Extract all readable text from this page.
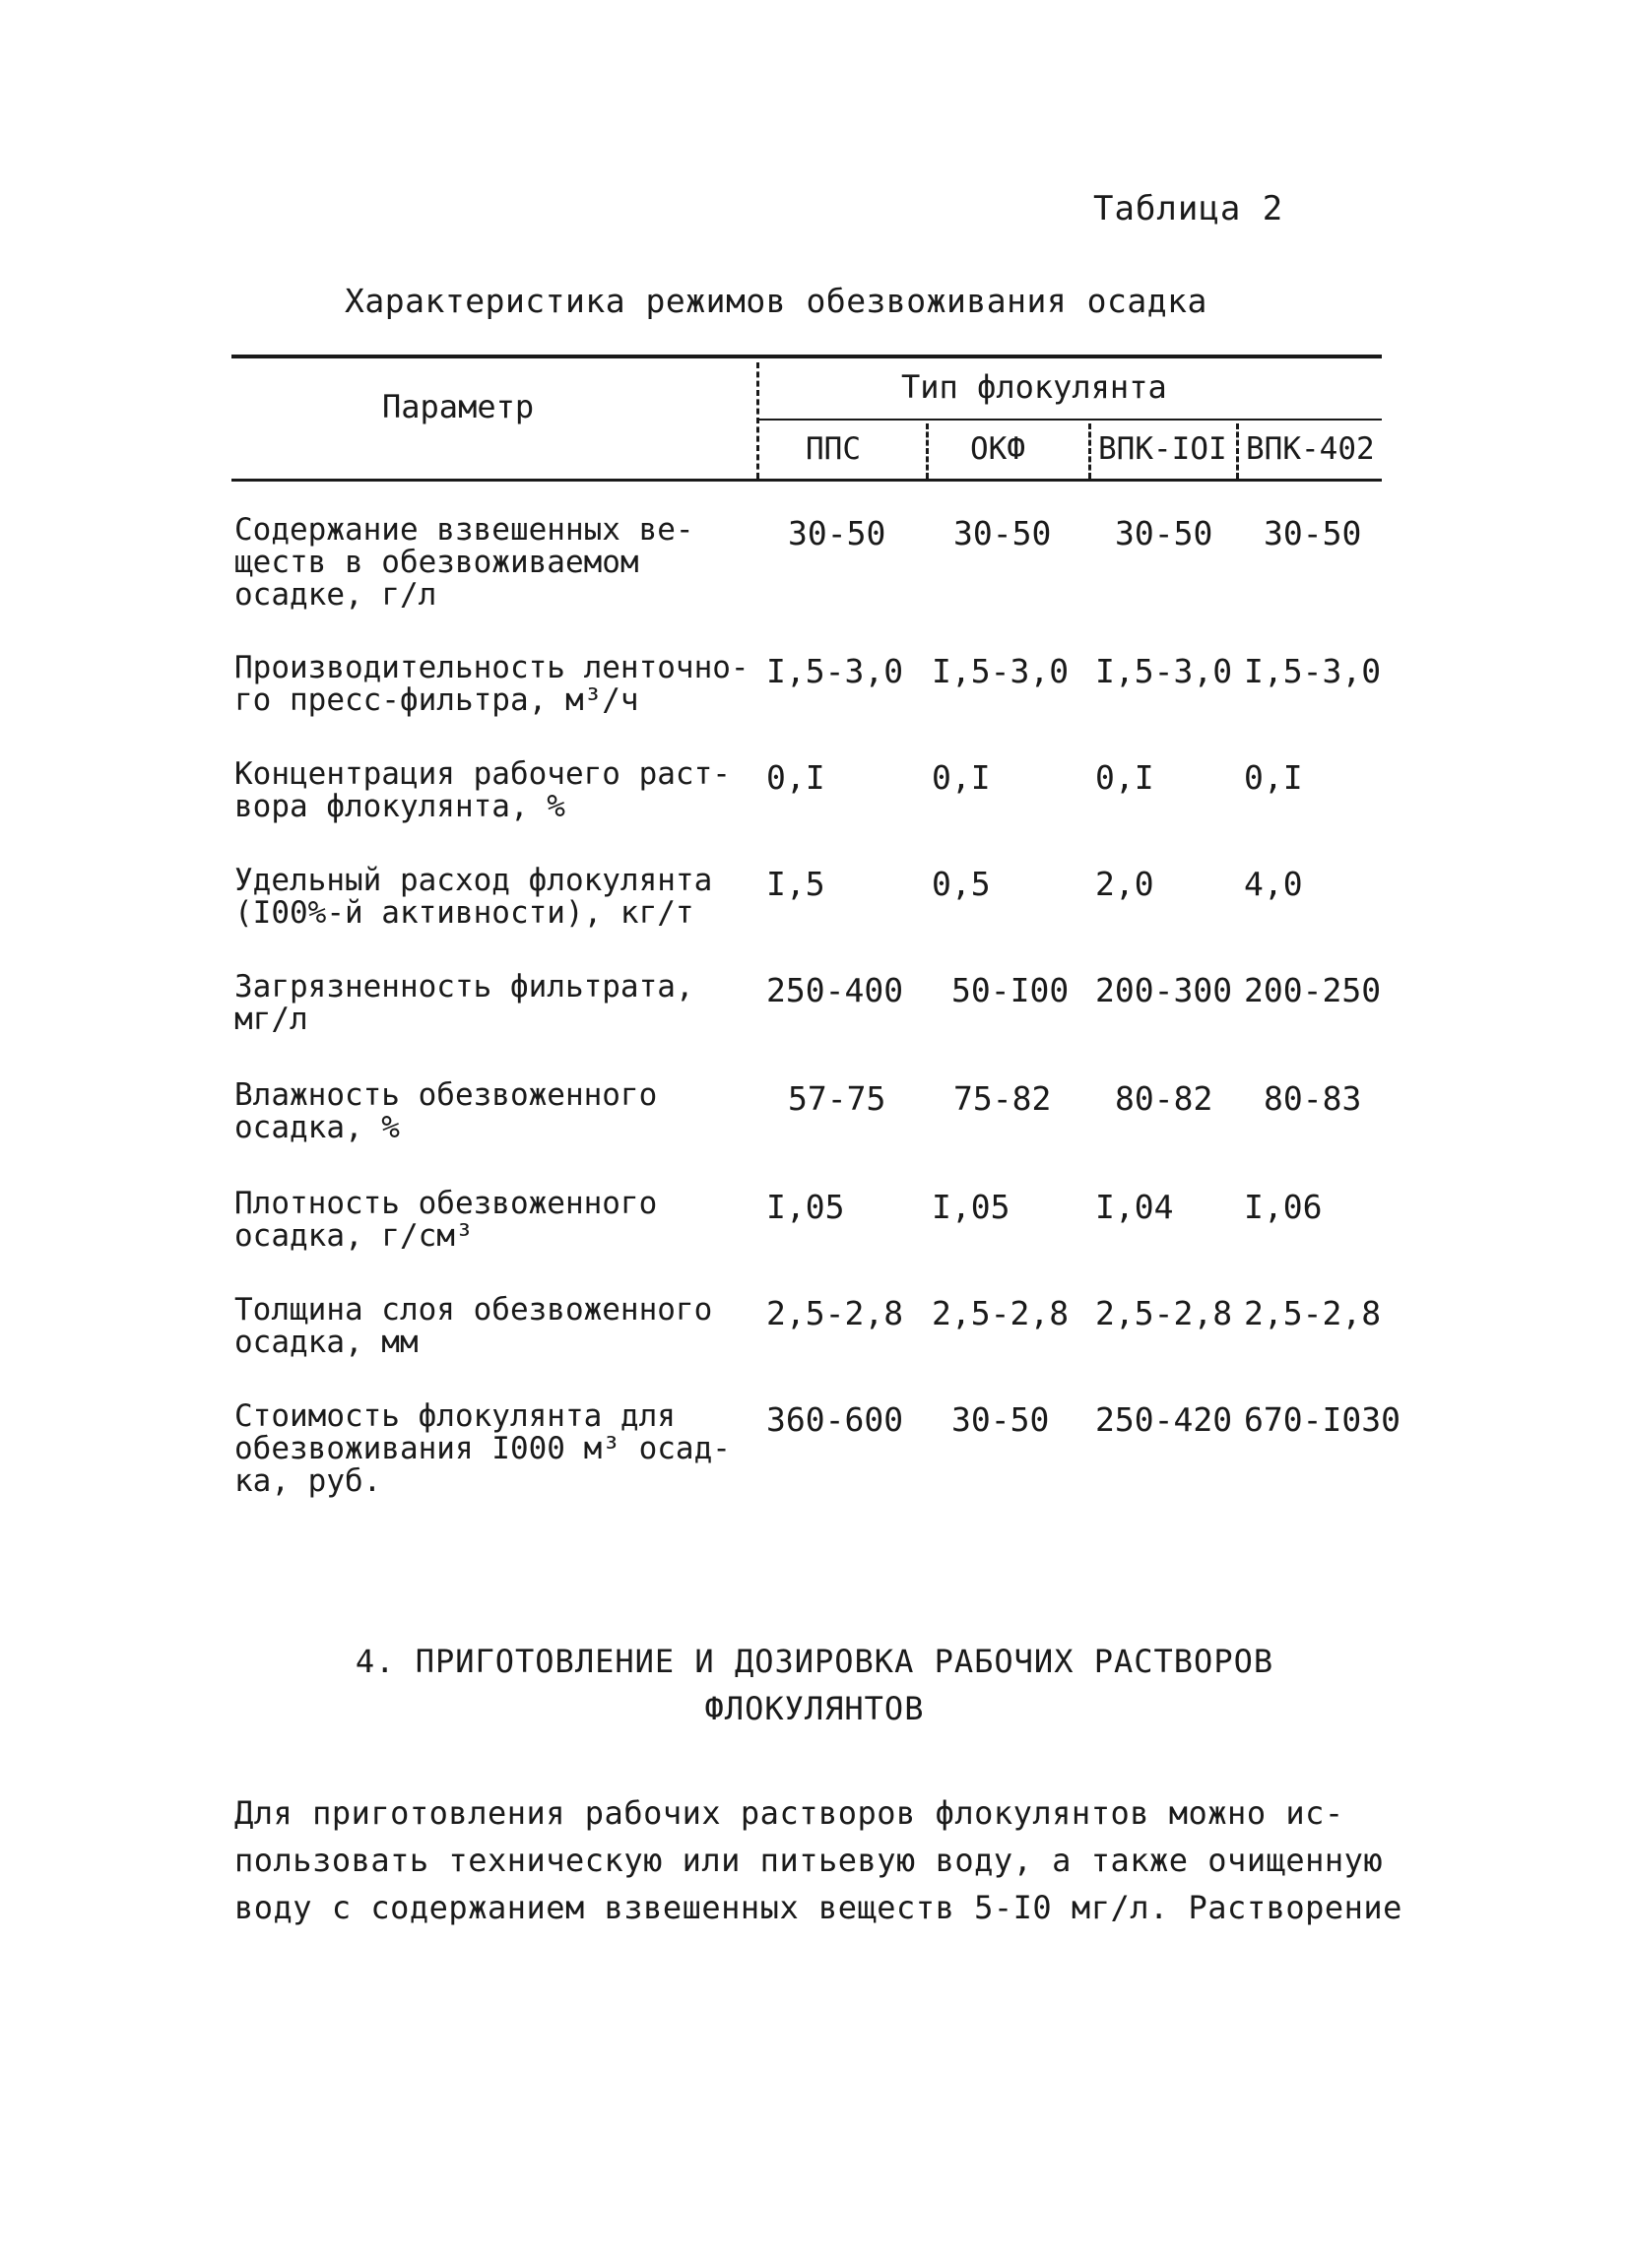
Таблица 2
Характеристика режимов обезвоживания осадка
Параметр
Тип флокулянта
ППС	ОКФ ВПК-IOI ВПК-402
Содержание взвешенных ве-
ществ в обезвоживаемом
осадке, г/л
30-50 30-50 30-50 30-50
Производительность ленточно-
го пресс-фильтра, м³/ч
I,5-3,0 I,5-3,0 I,5-3,0 I,5-3,0
Концентрация рабочего раст-
вора флокулянта, %
0,I	0,I	0,I	0,I
Удельный расход флокулянта
(I00%-й активности), кг/т
I,5	0,5	2,0	4,0
Загрязненность фильтрата,
мг/л
250-400 50-I00 200-300 200-250
Влажность обезвоженного
осадка, %
57-75 75-82 80-82 80-83
Плотность обезвоженного
осадка, г/см³
I,05	I,05	I,04 I,06
Толщина слоя обезвоженного
осадка, мм
2,5-2,8 2,5-2,8 2,5-2,8 2,5-2,8
Стоимость флокулянта для
обезвоживания I000 м³ осад-
ка, руб.
360-600 30-50 250-420 670-I030
4. ПРИГОТОВЛЕНИЕ И ДОЗИРОВКА РАБОЧИХ РАСТВОРОВ
ФЛОКУЛЯНТОВ
Для приготовления рабочих растворов флокулянтов можно ис-
пользовать техническую или питьевую воду, а также очищенную
воду с содержанием взвешенных веществ 5-I0 мг/л. Растворение
